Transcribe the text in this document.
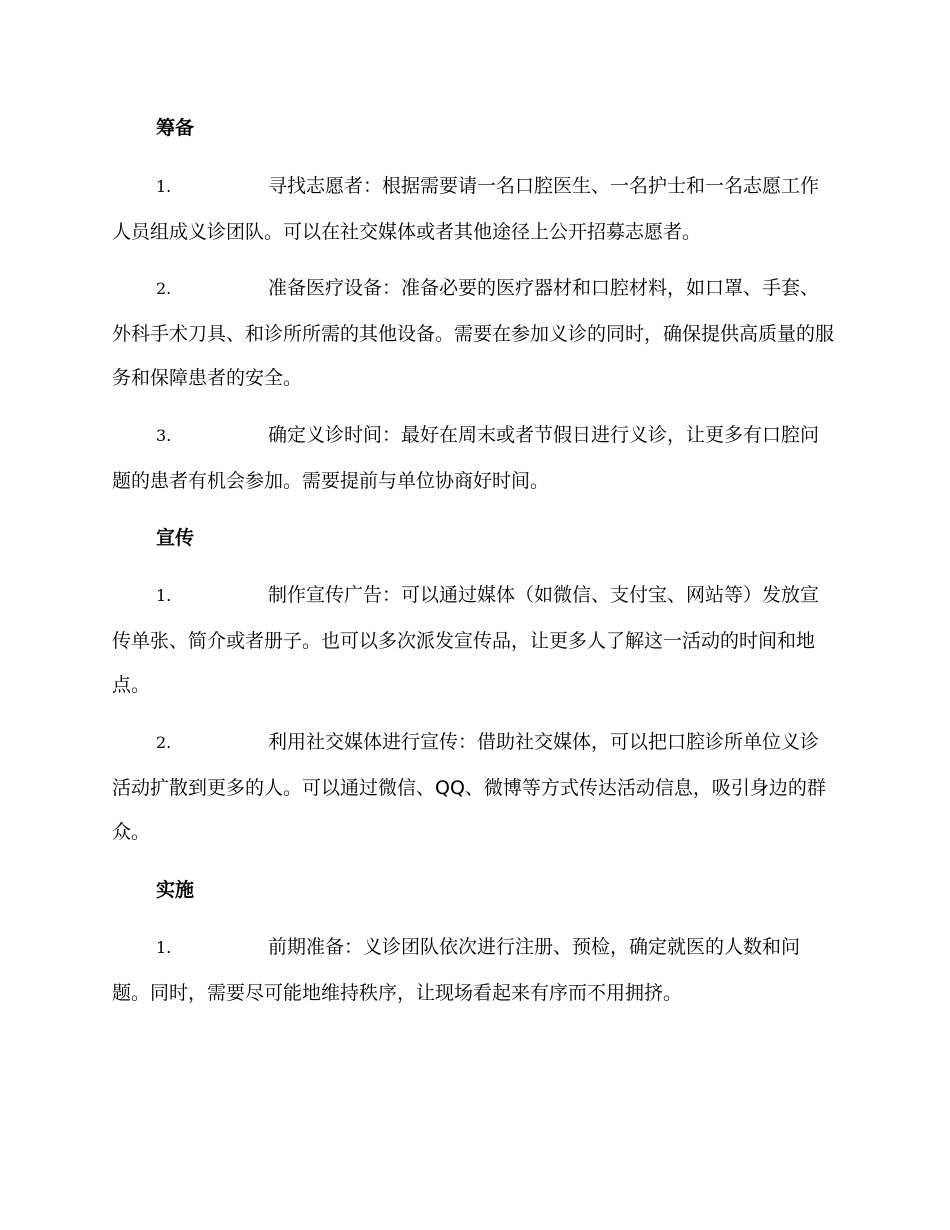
筹备

1.	寻找志愿者：根据需要请一名口腔医生、一名护士和一名志愿工作人员组成义诊团队。可以在社交媒体或者其他途径上公开招募志愿者。

2.	准备医疗设备：准备必要的医疗器材和口腔材料，如口罩、手套、外科手术刀具、和诊所所需的其他设备。需要在参加义诊的同时，确保提供高质量的服务和保障患者的安全。

3.	确定义诊时间：最好在周末或者节假日进行义诊，让更多有口腔问题的患者有机会参加。需要提前与单位协商好时间。

宣传

1.	制作宣传广告：可以通过媒体（如微信、支付宝、网站等）发放宣传单张、简介或者册子。也可以多次派发宣传品，让更多人了解这一活动的时间和地点。

2.	利用社交媒体进行宣传：借助社交媒体，可以把口腔诊所单位义诊活动扩散到更多的人。可以通过微信、QQ、微博等方式传达活动信息，吸引身边的群众。

实施

1.	前期准备：义诊团队依次进行注册、预检，确定就医的人数和问题。同时，需要尽可能地维持秩序，让现场看起来有序而不用拥挤。
